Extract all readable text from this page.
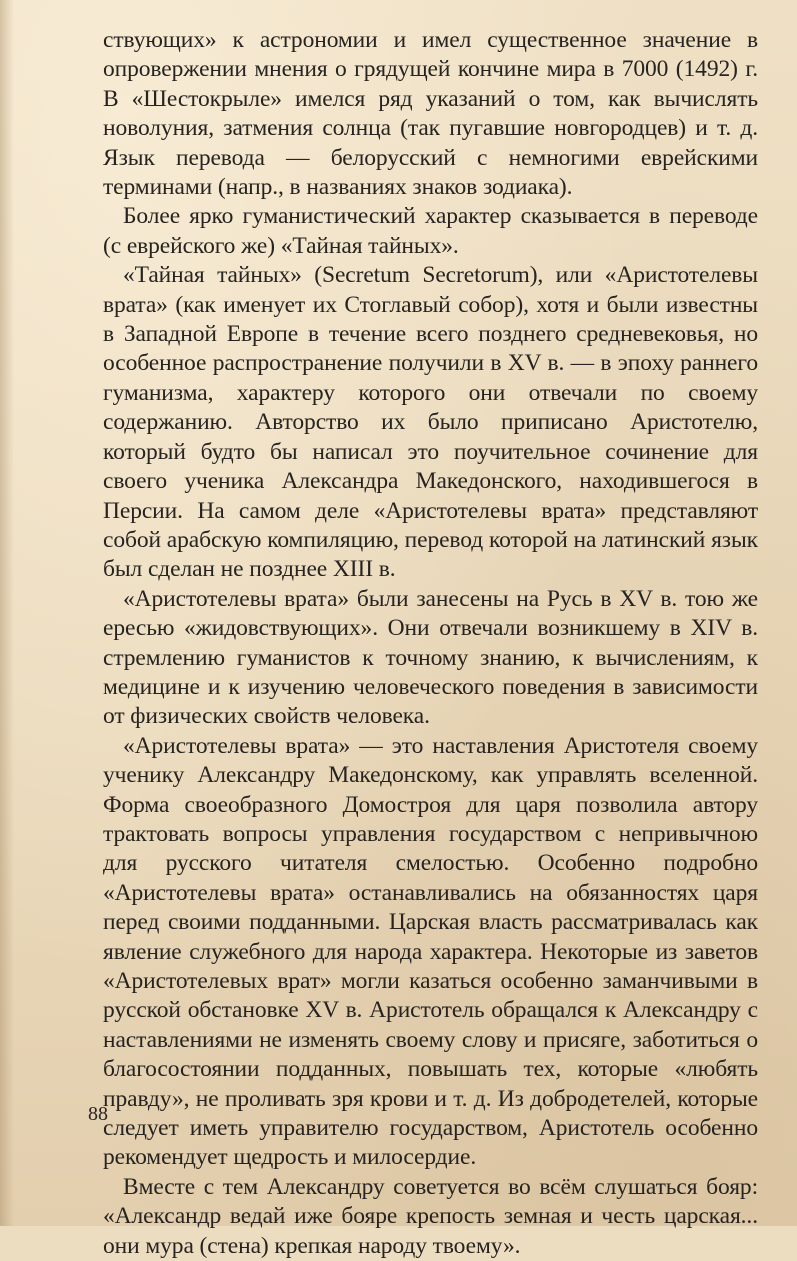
ствующих» к астрономии и имел существенное значение в опровержении мнения о грядущей кончине мира в 7000 (1492) г. В «Шестокрыле» имелся ряд указаний о том, как вычислять новолуния, затмения солнца (так пугавшие новгородцев) и т. д. Язык перевода — белорусский с немногими еврейскими терминами (напр., в названиях знаков зодиака).

Более ярко гуманистический характер сказывается в переводе (с еврейского же) «Тайная тайных».

«Тайная тайных» (Secretum Secretorum), или «Аристотелевы врата» (как именует их Стоглавый собор), хотя и были известны в Западной Европе в течение всего позднего средневековья, но особенное распространение получили в XV в. — в эпоху раннего гуманизма, характеру которого они отвечали по своему содержанию. Авторство их было приписано Аристотелю, который будто бы написал это поучительное сочинение для своего ученика Александра Македонского, находившегося в Персии. На самом деле «Аристотелевы врата» представляют собой арабскую компиляцию, перевод которой на латинский язык был сделан не позднее XIII в.

«Аристотелевы врата» были занесены на Русь в XV в. тою же ересью «жидовствующих». Они отвечали возникшему в XIV в. стремлению гуманистов к точному знанию, к вычислениям, к медицине и к изучению человеческого поведения в зависимости от физических свойств человека.

«Аристотелевы врата» — это наставления Аристотеля своему ученику Александру Македонскому, как управлять вселенной. Форма своеобразного Домостроя для царя позволила автору трактовать вопросы управления государством с непривычною для русского читателя смелостью. Особенно подробно «Аристотелевы врата» останавливались на обязанностях царя перед своими подданными. Царская власть рассматривалась как явление служебного для народа характера. Некоторые из заветов «Аристотелевых врат» могли казаться особенно заманчивыми в русской обстановке XV в. Аристотель обращался к Александру с наставлениями не изменять своему слову и присяге, заботиться о благосостоянии подданных, повышать тех, которые «любять правду», не проливать зря крови и т. д. Из добродетелей, которые следует иметь управителю государством, Аристотель особенно рекомендует щедрость и милосердие.

Вместе с тем Александру советуется во всём слушаться бояр: «Александр ведай иже бояре крепость земная и честь царская... они мура (стена) крепкая народу твоему».

88
